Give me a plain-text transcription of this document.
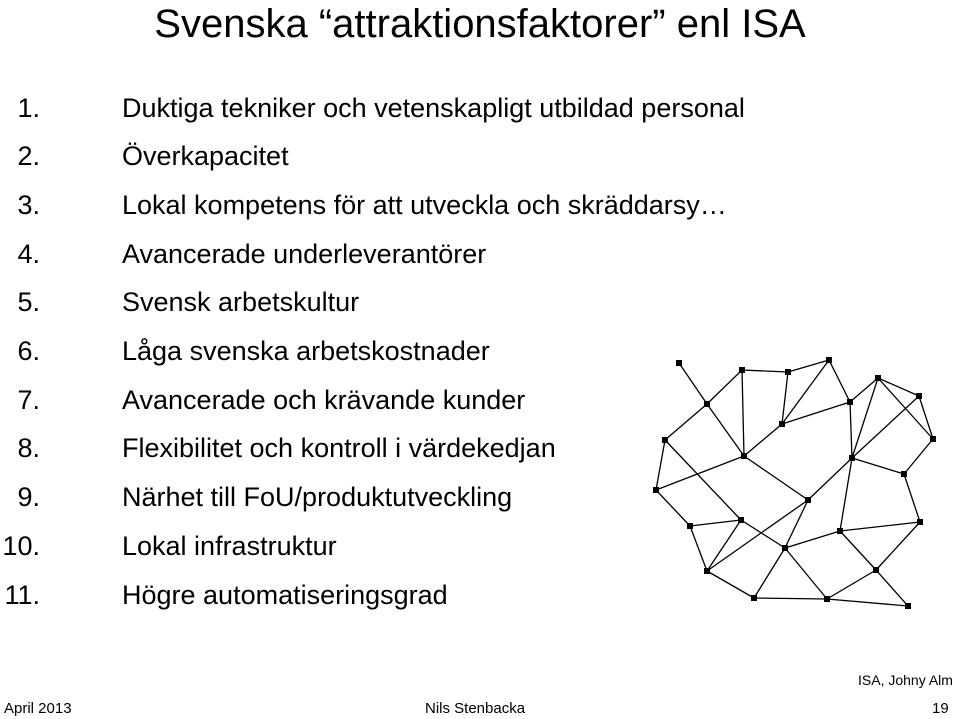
Svenska “attraktionsfaktorer” enl ISA
1.	Duktiga tekniker och vetenskapligt utbildad personal
2.	Överkapacitet
3.	Lokal kompetens för att utveckla och skräddarsy…
4.	Avancerade underleverantörer
5.	Svensk arbetskultur
6.	Låga svenska arbetskostnader
7.	Avancerade och krävande kunder
8.	Flexibilitet och kontroll i värdekedjan
9.	Närhet till FoU/produktutveckling
10.	Lokal infrastruktur
11.	Högre automatiseringsgrad
ISA, Johny Alm
April 2013	Nils Stenbacka	19
